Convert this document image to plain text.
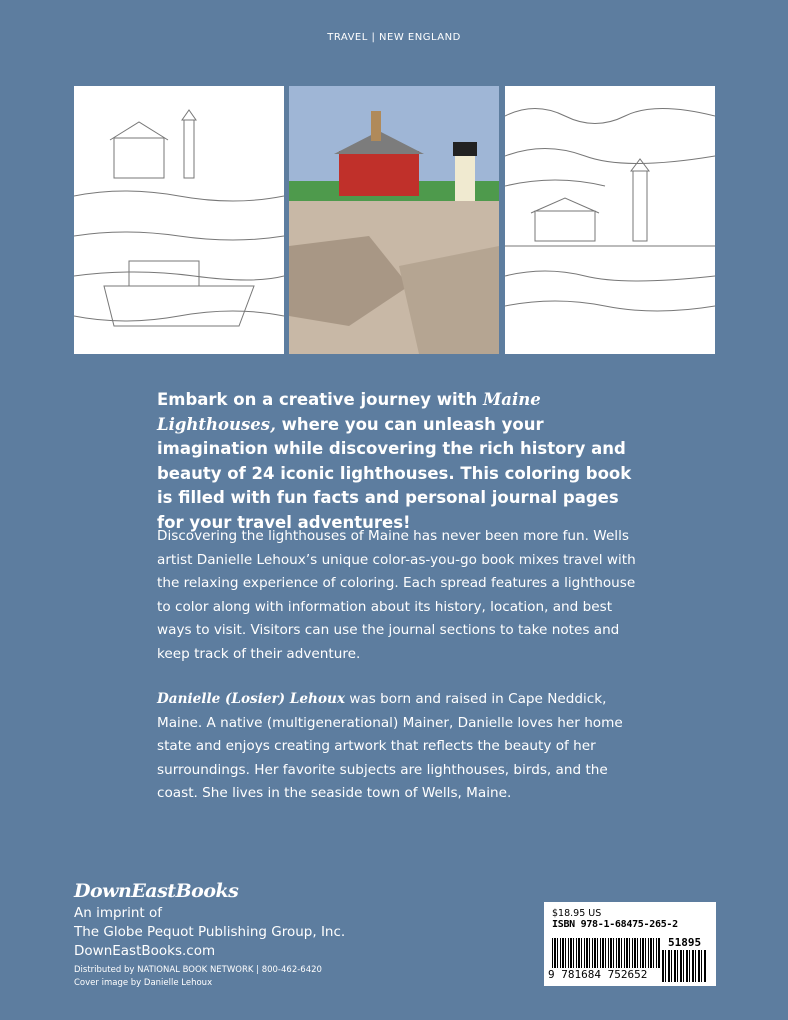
TRAVEL | NEW ENGLAND
Embark on a creative journey with Maine Lighthouses, where you can unleash your imagination while discovering the rich history and beauty of 24 iconic lighthouses. This coloring book is filled with fun facts and personal journal pages for your travel adventures!
Discovering the lighthouses of Maine has never been more fun. Wells artist Danielle Lehoux’s unique color-as-you-go book mixes travel with the relaxing experience of coloring. Each spread features a lighthouse to color along with information about its history, location, and best ways to visit. Visitors can use the journal sections to take notes and keep track of their adventure.
Danielle (Losier) Lehoux was born and raised in Cape Neddick, Maine. A native (multigenerational) Mainer, Danielle loves her home state and enjoys creating artwork that reflects the beauty of her surroundings. Her favorite subjects are lighthouses, birds, and the coast. She lives in the seaside town of Wells, Maine.
DownEastBooks
An imprint of
The Globe Pequot Publishing Group, Inc.
DownEastBooks.com
Distributed by NATIONAL BOOK NETWORK | 800-462-6420
Cover image by Danielle Lehoux
$18.95 US
ISBN 978-1-68475-265-2
51895
9 781684 752652
